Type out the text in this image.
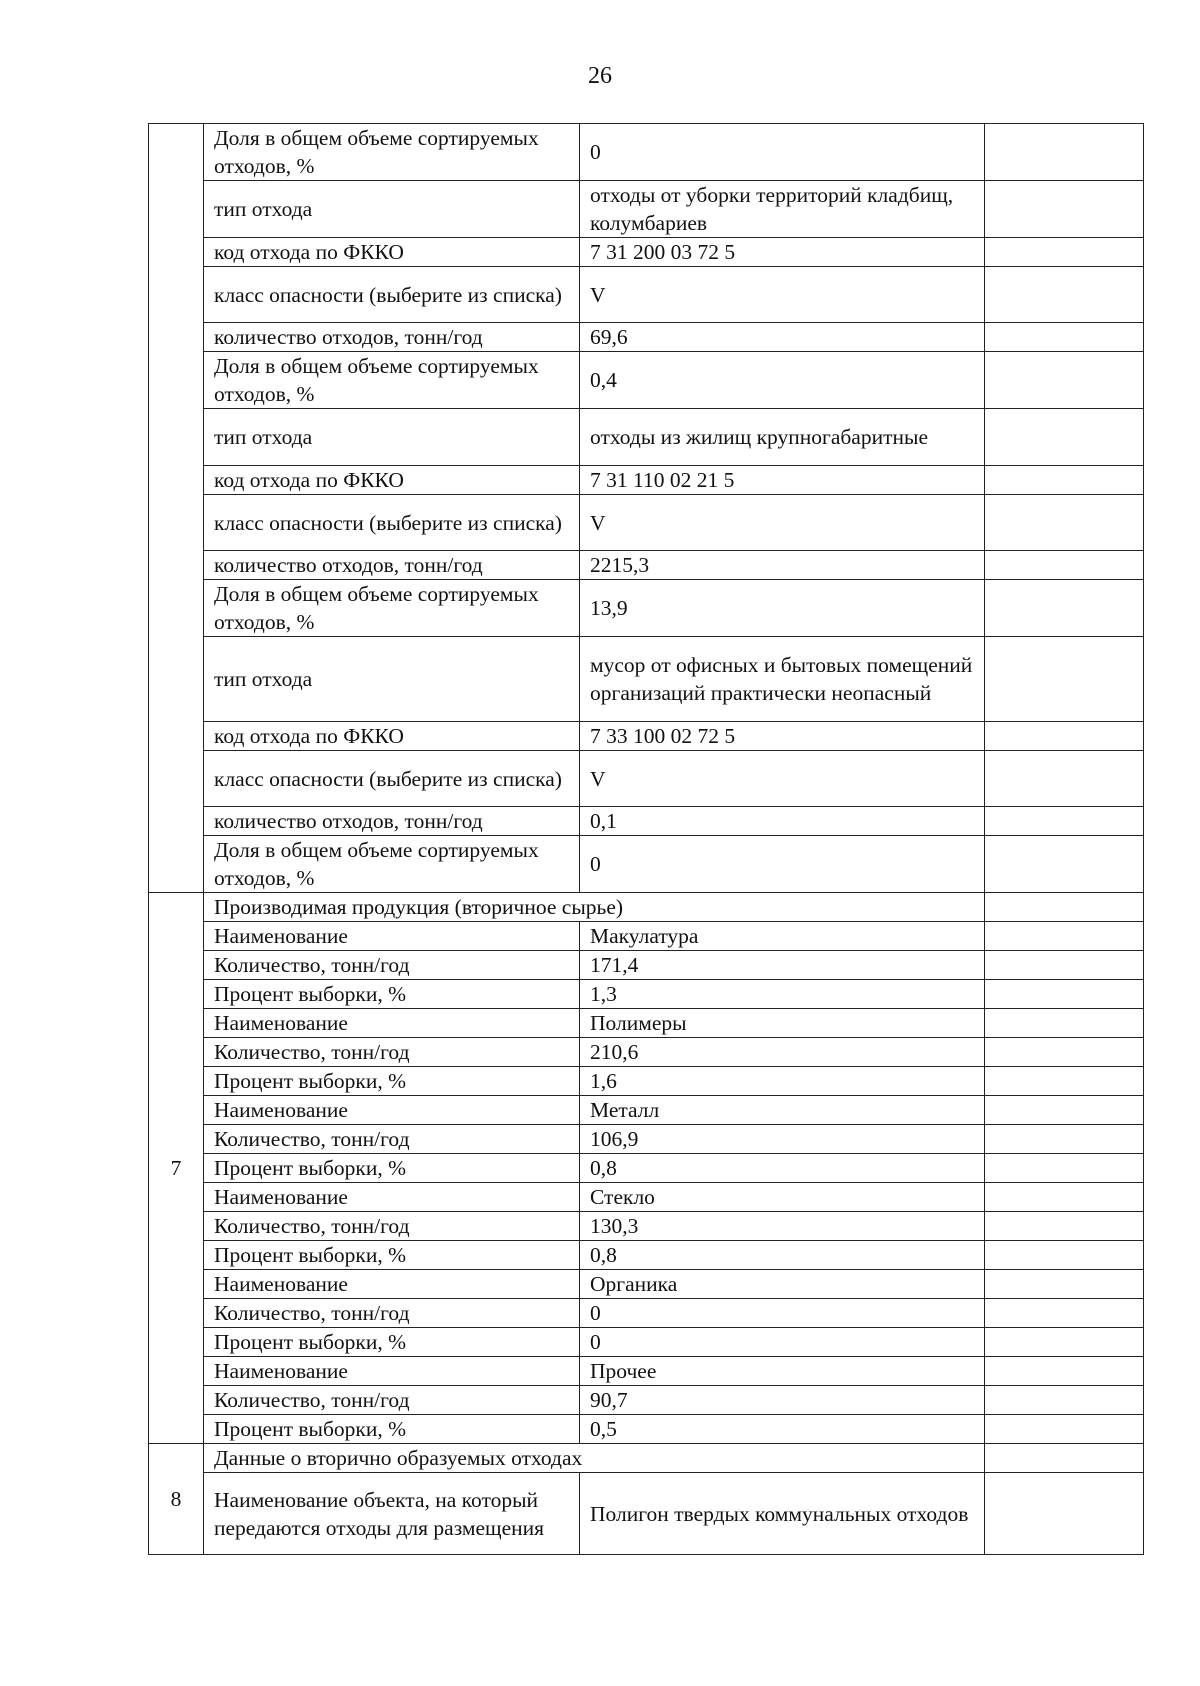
26
	Доля в общем объеме сортируемых отходов, %	0	
	тип отхода	отходы от уборки территорий кладбищ, колумбариев	
	код отхода по ФККО	7 31 200 03 72 5	
	класс опасности (выберите из списка)	V	
	количество отходов, тонн/год	69,6	
	Доля в общем объеме сортируемых отходов, %	0,4	
	тип отхода	отходы из жилищ крупногабаритные	
	код отхода по ФККО	7 31 110 02 21 5	
	класс опасности (выберите из списка)	V	
	количество отходов, тонн/год	2215,3	
	Доля в общем объеме сортируемых отходов, %	13,9	
	тип отхода	мусор от офисных и бытовых помещений организаций практически неопасный	
	код отхода по ФККО	7 33 100 02 72 5	
	класс опасности (выберите из списка)	V	
	количество отходов, тонн/год	0,1	
	Доля в общем объеме сортируемых отходов, %	0	
7	Производимая продукция (вторичное сырье)		
	Наименование	Макулатура	
	Количество, тонн/год	171,4	
	Процент выборки, %	1,3	
	Наименование	Полимеры	
	Количество, тонн/год	210,6	
	Процент выборки, %	1,6	
	Наименование	Металл	
	Количество, тонн/год	106,9	
	Процент выборки, %	0,8	
	Наименование	Стекло	
	Количество, тонн/год	130,3	
	Процент выборки, %	0,8	
	Наименование	Органика	
	Количество, тонн/год	0	
	Процент выборки, %	0	
	Наименование	Прочее	
	Количество, тонн/год	90,7	
	Процент выборки, %	0,5	
8	Данные о вторично образуемых отходах		
	Наименование объекта, на который передаются отходы для размещения	Полигон твердых коммунальных отходов	
